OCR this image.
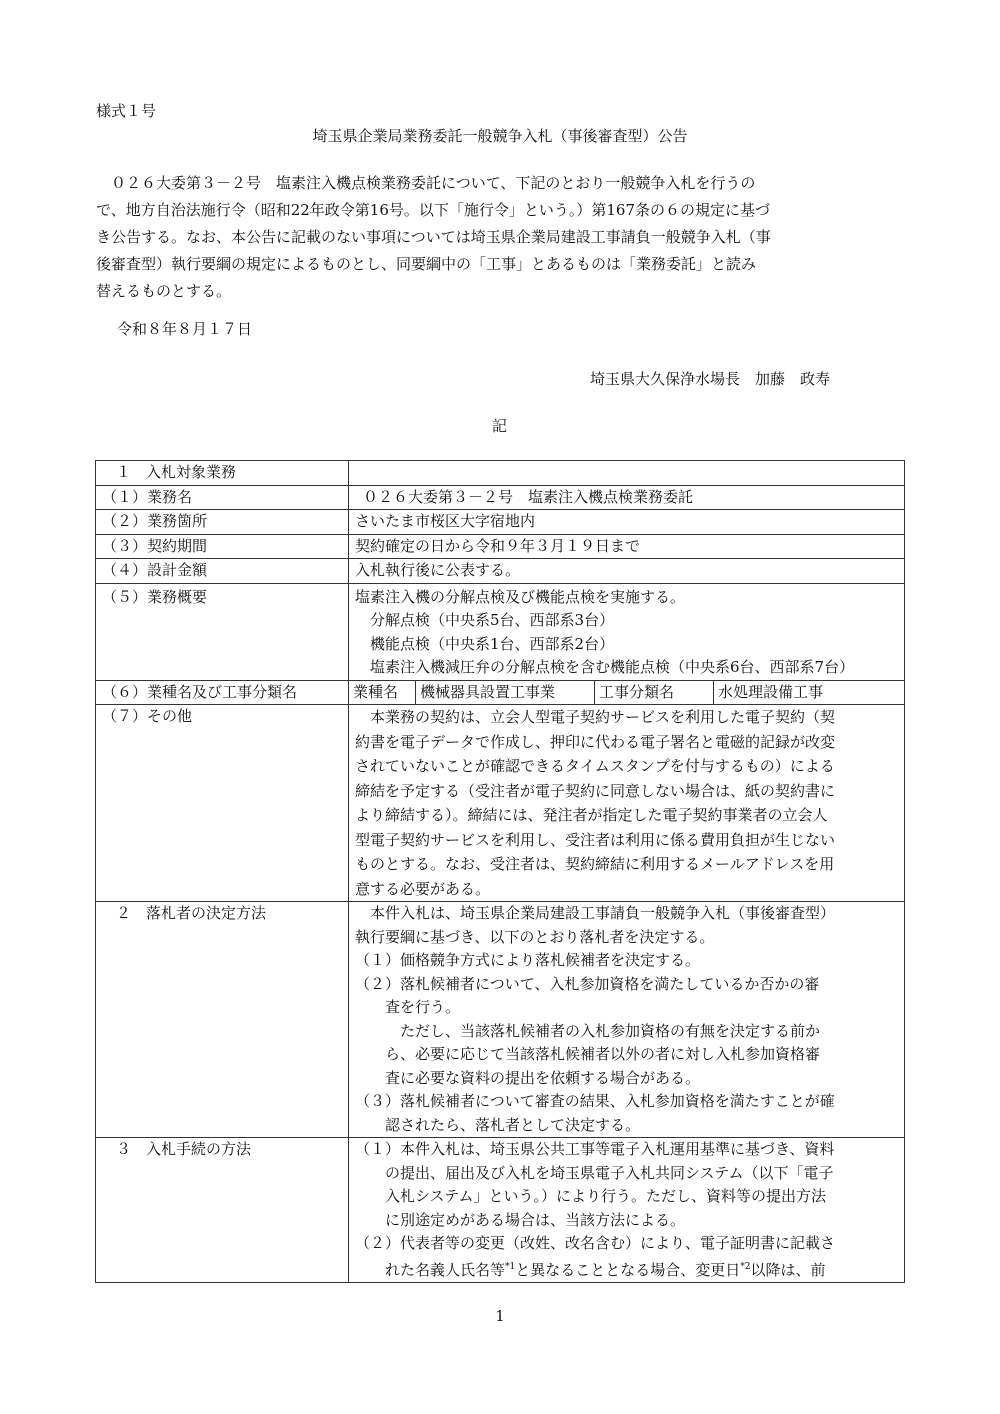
様式１号
埼玉県企業局業務委託一般競争入札（事後審査型）公告
　０２６大委第３－２号　塩素注入機点検業務委託について、下記のとおり一般競争入札を行うの
で、地方自治法施行令（昭和22年政令第16号。以下「施行令」という。）第167条の６の規定に基づ
き公告する。なお、本公告に記載のない事項については埼玉県企業局建設工事請負一般競争入札（事
後審査型）執行要綱の規定によるものとし、同要綱中の「工事」とあるものは「業務委託」と読み
替えるものとする。
令和８年８月１７日
埼玉県大久保浄水場長　加藤　政寿
記
１　入札対象業務

（１）業務名	０２６大委第３－２号　塩素注入機点検業務委託
（２）業務箇所	さいたま市桜区大字宿地内
（３）契約期間	契約確定の日から令和９年３月１９日まで
（４）設計金額	入札執行後に公表する。
（５）業務概要	塩素注入機の分解点検及び機能点検を実施する。
分解点検（中央系5台、西部系3台）
機能点検（中央系1台、西部系2台）
塩素注入機減圧弁の分解点検を含む機能点検（中央系6台、西部系7台）

（６）業種名及び工事分類名		業種名	機械器具設置工事業	工事分類名	水処理設備工事

（７）その他	　本業務の契約は、立会人型電子契約サービスを利用した電子契約（契
約書を電子データで作成し、押印に代わる電子署名と電磁的記録が改変
されていないことが確認できるタイムスタンプを付与するもの）による
締結を予定する（受注者が電子契約に同意しない場合は、紙の契約書に
より締結する）。締結には、発注者が指定した電子契約事業者の立会人
型電子契約サービスを利用し、受注者は利用に係る費用負担が生じない
ものとする。なお、受注者は、契約締結に利用するメールアドレスを用
意する必要がある。

２　落札者の決定方法	　本件入札は、埼玉県企業局建設工事請負一般競争入札（事後審査型）
執行要綱に基づき、以下のとおり落札者を決定する。
（１）価格競争方式により落札候補者を決定する。
（２）落札候補者について、入札参加資格を満たしているか否かの審
査を行う。
　ただし、当該落札候補者の入札参加資格の有無を決定する前か
ら、必要に応じて当該落札候補者以外の者に対し入札参加資格審
査に必要な資料の提出を依頼する場合がある。
（３）落札候補者について審査の結果、入札参加資格を満たすことが確
認されたら、落札者として決定する。

３　入札手続の方法	（１）本件入札は、埼玉県公共工事等電子入札運用基準に基づき、資料
の提出、届出及び入札を埼玉県電子入札共同システム（以下「電子
入札システム」という。）により行う。ただし、資料等の提出方法
に別途定めがある場合は、当該方法による。
（２）代表者等の変更（改姓、改名含む）により、電子証明書に記載さ
れた名義人氏名等$^{*1}$と異なることとなる場合、変更日$^{*2}$以降は、前
1
